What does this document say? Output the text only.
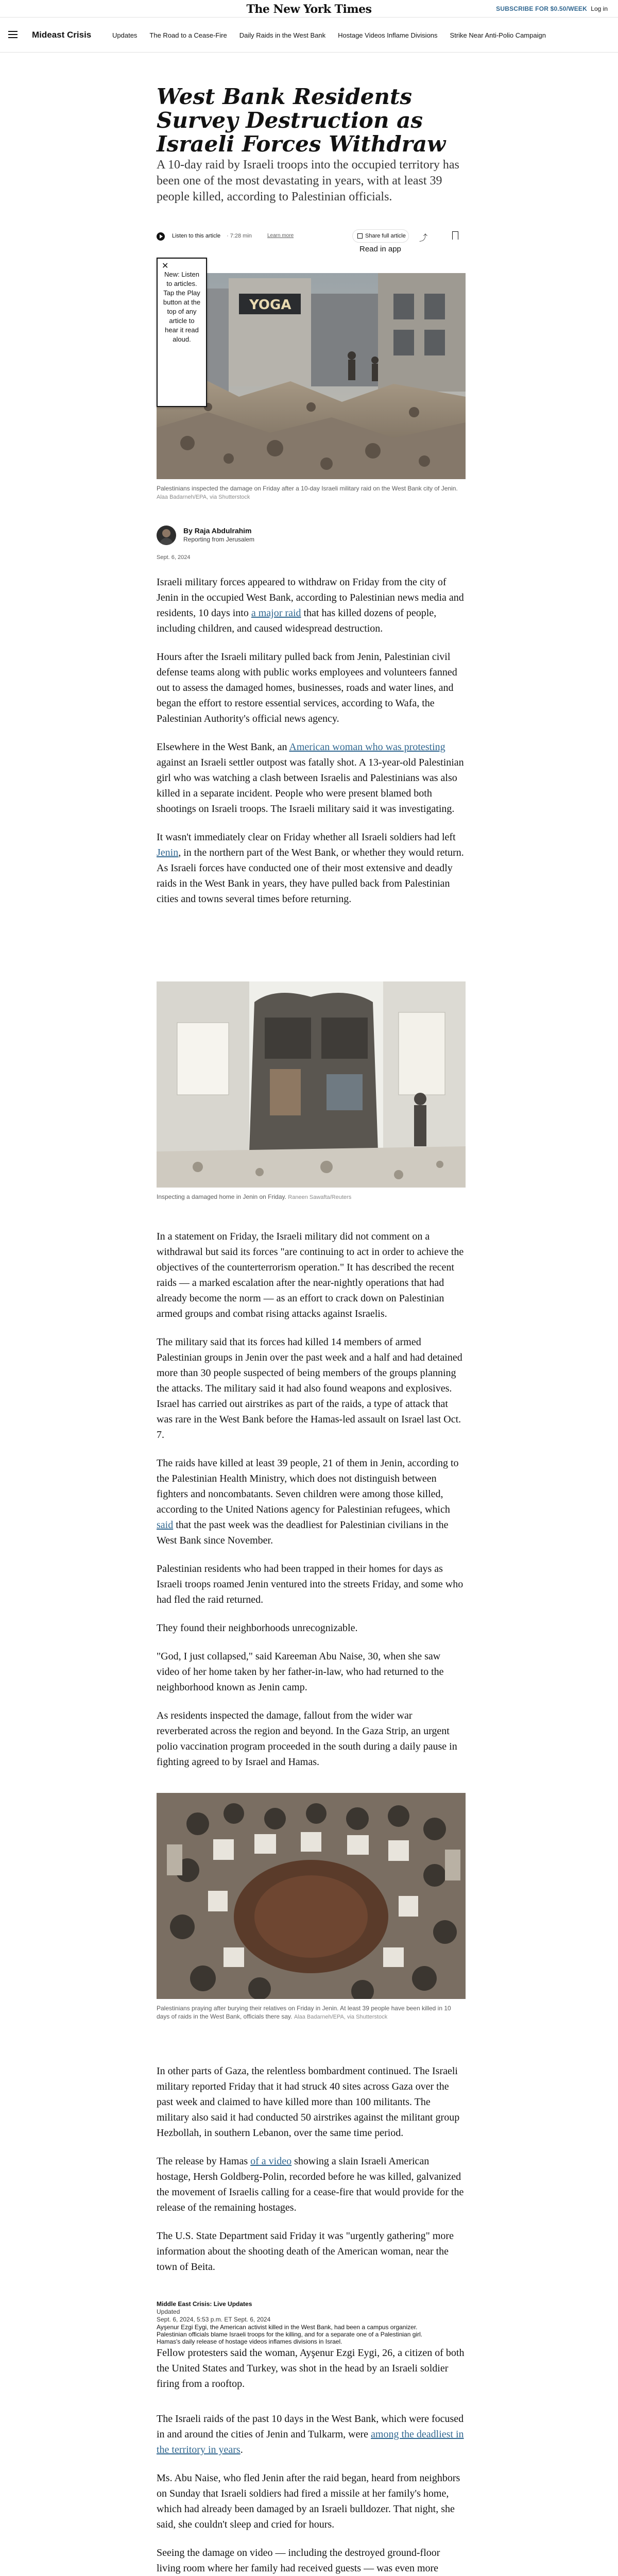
The New York Times	SUBSCRIBE FOR $0.50/WEEK Log in
Mideast Crisis	Updates The Road to a Cease-Fire Daily Raids in the West Bank Hostage Videos Inflame Divisions Strike Near Anti-Polio Campaign
West Bank Residents Survey Destruction as Israeli Forces Withdraw

A 10-day raid by Israeli troops into the occupied territory has been one of the most devastating in years, with at least 39 people killed, according to Palestinian officials.

Listen to this article · 7:28 min	Learn more	Share full article	⤴
Read in app
✕
New: Listen to articles. Tap the Play button at the top of any article to hear it read aloud.
YOGA
Palestinians inspected the damage on Friday after a 10-day Israeli military raid on the West Bank city of Jenin. Alaa Badarneh/EPA, via Shutterstock
By Raja Abdulrahim
Reporting from Jerusalem
Sept. 6, 2024

Israeli military forces appeared to withdraw on Friday from the city of Jenin in the occupied West Bank, according to Palestinian news media and residents, 10 days into a major raid that has killed dozens of people, including children, and caused widespread destruction.

Hours after the Israeli military pulled back from Jenin, Palestinian civil defense teams along with public works employees and volunteers fanned out to assess the damaged homes, businesses, roads and water lines, and began the effort to restore essential services, according to Wafa, the Palestinian Authority's official news agency.

Elsewhere in the West Bank, an American woman who was protesting against an Israeli settler outpost was fatally shot. A 13-year-old Palestinian girl who was watching a clash between Israelis and Palestinians was also killed in a separate incident. People who were present blamed both shootings on Israeli troops. The Israeli military said it was investigating.

It wasn't immediately clear on Friday whether all Israeli soldiers had left Jenin, in the northern part of the West Bank, or whether they would return. As Israeli forces have conducted one of their most extensive and deadly raids in the West Bank in years, they have pulled back from Palestinian cities and towns several times before returning.

Inspecting a damaged home in Jenin on Friday. Raneen Sawafta/Reuters

In a statement on Friday, the Israeli military did not comment on a withdrawal but said its forces "are continuing to act in order to achieve the objectives of the counterterrorism operation." It has described the recent raids — a marked escalation after the near-nightly operations that had already become the norm — as an effort to crack down on Palestinian armed groups and combat rising attacks against Israelis.

The military said that its forces had killed 14 members of armed Palestinian groups in Jenin over the past week and a half and had detained more than 30 people suspected of being members of the groups planning the attacks. The military said it had also found weapons and explosives. Israel has carried out airstrikes as part of the raids, a type of attack that was rare in the West Bank before the Hamas-led assault on Israel last Oct. 7.

The raids have killed at least 39 people, 21 of them in Jenin, according to the Palestinian Health Ministry, which does not distinguish between fighters and noncombatants. Seven children were among those killed, according to the United Nations agency for Palestinian refugees, which said that the past week was the deadliest for Palestinian civilians in the West Bank since November.

Palestinian residents who had been trapped in their homes for days as Israeli troops roamed Jenin ventured into the streets Friday, and some who had fled the raid returned.

They found their neighborhoods unrecognizable.

"God, I just collapsed," said Kareeman Abu Naise, 30, when she saw video of her home taken by her father-in-law, who had returned to the neighborhood known as Jenin camp.

As residents inspected the damage, fallout from the wider war reverberated across the region and beyond. In the Gaza Strip, an urgent polio vaccination program proceeded in the south during a daily pause in fighting agreed to by Israel and Hamas.

Palestinians praying after burying their relatives on Friday in Jenin. At least 39 people have been killed in 10 days of raids in the West Bank, officials there say. Alaa Badarneh/EPA, via Shutterstock

In other parts of Gaza, the relentless bombardment continued. The Israeli military reported Friday that it had struck 40 sites across Gaza over the past week and claimed to have killed more than 100 militants. The military also said it had conducted 50 airstrikes against the militant group Hezbollah, in southern Lebanon, over the same time period.

The release by Hamas of a video showing a slain Israeli American hostage, Hersh Goldberg-Polin, recorded before he was killed, galvanized the movement of Israelis calling for a cease-fire that would provide for the release of the remaining hostages.

The U.S. State Department said Friday it was "urgently gathering" more information about the shooting death of the American woman, near the town of Beita.

Middle East Crisis: Live Updates
Updated
Sept. 6, 2024, 5:53 p.m. ET Sept. 6, 2024
Ayşenur Ezgi Eygi, the American activist killed in the West Bank, had been a campus organizer.
Palestinian officials blame Israeli troops for the killing, and for a separate one of a Palestinian girl.
Hamas's daily release of hostage videos inflames divisions in Israel.

Fellow protesters said the woman, Ayşenur Ezgi Eygi, 26, a citizen of both the United States and Turkey, was shot in the head by an Israeli soldier firing from a rooftop.

The Israeli raids of the past 10 days in the West Bank, which were focused in and around the cities of Jenin and Tulkarm, were among the deadliest in the territory in years.

Ms. Abu Naise, who fled Jenin after the raid began, heard from neighbors on Sunday that Israeli soldiers had fired a missile at her family's home, which had already been damaged by an Israeli bulldozer. That night, she said, she couldn't sleep and cried for hours.

Seeing the damage on video — including the destroyed ground-floor living room where her family had received guests — was even more
